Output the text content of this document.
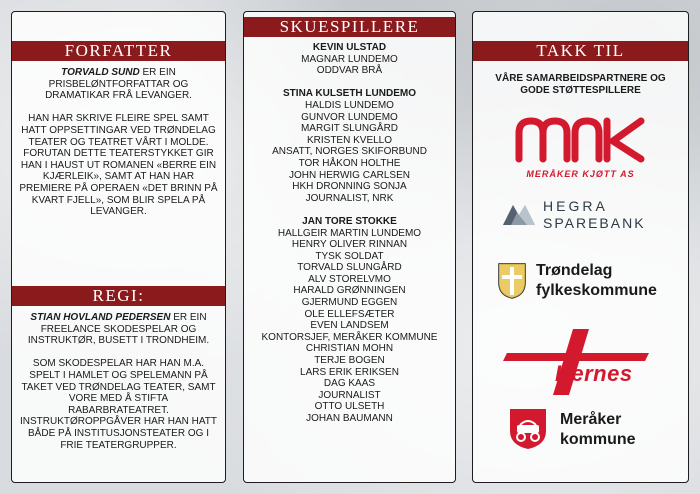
FORFATTER

TORVALD SUND ER EIN PRISBELØNTFORFATTAR OG DRAMATIKAR FRÅ LEVANGER.

HAN HAR SKRIVE FLEIRE SPEL SAMT HATT OPPSETTINGAR VED TRØNDELAG TEATER OG TEATRET VÅRT I MOLDE. FORUTAN DETTE TEATERSTYKKET GIR HAN I HAUST UT ROMANEN «BERRE EIN KJÆRLEIK», SAMT AT HAN HAR PREMIERE PÅ OPERAEN «DET BRINN PÅ KVART FJELL», SOM BLIR SPELA PÅ LEVANGER.

REGI:

STIAN HOVLAND PEDERSEN ER EIN FREELANCE SKODESPELAR OG INSTRUKTØR, BUSETT I TRONDHEIM.

SOM SKODESPELAR HAR HAN M.A. SPELT I HAMLET OG SPELEMANN PÅ TAKET VED TRØNDELAG TEATER, SAMT VORE MED Å STIFTA RABARBRATEATRET. INSTRUKTØROPPGÅVER HAR HAN HATT BÅDE PÅ INSTITUSJONSTEATER OG I FRIE TEATERGRUPPER.

SKUESPILLERE
KEVIN ULSTAD
MAGNAR LUNDEMO
ODDVAR BRÅ
STINA KULSETH LUNDEMO
HALDIS LUNDEMO
GUNVOR LUNDEMO
MARGIT SLUNGÅRD
KRISTEN KVELLO
ANSATT, NORGES SKIFORBUND
TOR HÅKON HOLTHE
JOHN HERWIG CARLSEN
HKH DRONNING SONJA
JOURNALIST, NRK
JAN TORE STOKKE
HALLGEIR MARTIN LUNDEMO
HENRY OLIVER RINNAN
TYSK SOLDAT
TORVALD SLUNGÅRD
ALV STORELVMO
HARALD GRØNNINGEN
GJERMUND EGGEN
OLE ELLEFSÆTER
EVEN LANDSEM
KONTORSJEF, MERÅKER KOMMUNE
CHRISTIAN MOHN
TERJE BOGEN
LARS ERIK ERIKSEN
DAG KAAS
JOURNALIST
OTTO ULSETH
JOHAN BAUMANN
TAKK TIL
VÅRE SAMARBEIDSPARTNERE OG GODE STØTTESPILLERE
MERÅKER KJØTT AS
HEGRA
SPAREBANK
Trøndelag
fylkeskommune
Hernes
Meråker
kommune
